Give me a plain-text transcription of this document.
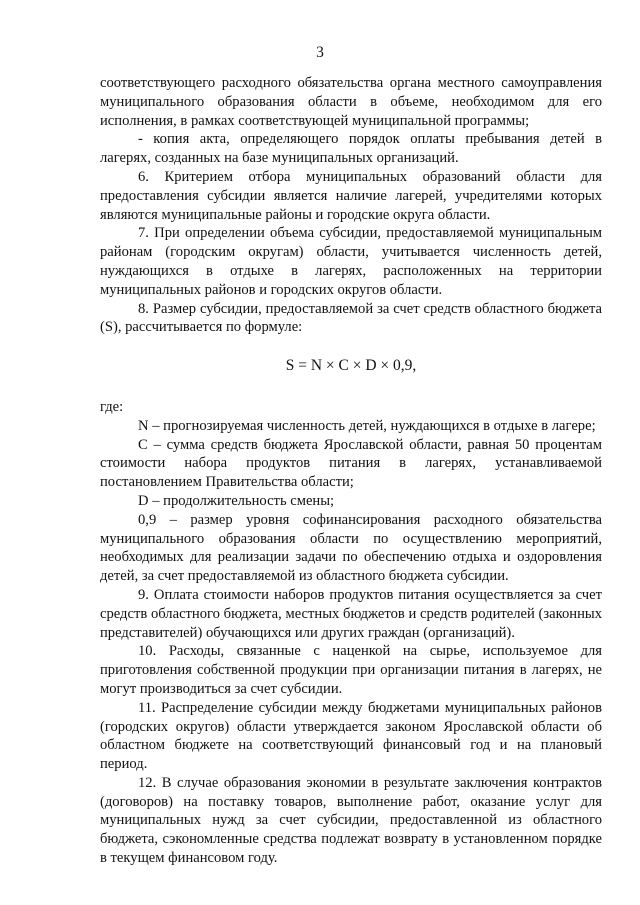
3

соответствующего расходного обязательства органа местного самоуправления муниципального образования области в объеме, необходимом для его исполнения, в рамках соответствующей муниципальной программы;

- копия акта, определяющего порядок оплаты пребывания детей в лагерях, созданных на базе муниципальных организаций.

6. Критерием отбора муниципальных образований области для предоставления субсидии является наличие лагерей, учредителями которых являются муниципальные районы и городские округа области.

7. При определении объема субсидии, предоставляемой муниципальным районам (городским округам) области, учитывается численность детей, нуждающихся в отдыхе в лагерях, расположенных на территории муниципальных районов и городских округов области.

8. Размер субсидии, предоставляемой за счет средств областного бюджета (S), рассчитывается по формуле:

S = N × C × D × 0,9,

где:

N – прогнозируемая численность детей, нуждающихся в отдыхе в лагере;

C – сумма средств бюджета Ярославской области, равная 50 процентам стоимости набора продуктов питания в лагерях, устанавливаемой постановлением Правительства области;

D – продолжительность смены;

0,9 – размер уровня софинансирования расходного обязательства муниципального образования области по осуществлению мероприятий, необходимых для реализации задачи по обеспечению отдыха и оздоровления детей, за счет предоставляемой из областного бюджета субсидии.

9. Оплата стоимости наборов продуктов питания осуществляется за счет средств областного бюджета, местных бюджетов и средств родителей (законных представителей) обучающихся или других граждан (организаций).

10. Расходы, связанные с наценкой на сырье, используемое для приготовления собственной продукции при организации питания в лагерях, не могут производиться за счет субсидии.

11. Распределение субсидии между бюджетами муниципальных районов (городских округов) области утверждается законом Ярославской области об областном бюджете на соответствующий финансовый год и на плановый период.

12. В случае образования экономии в результате заключения контрактов (договоров) на поставку товаров, выполнение работ, оказание услуг для муниципальных нужд за счет субсидии, предоставленной из областного бюджета, сэкономленные средства подлежат возврату в установленном порядке в текущем финансовом году.
